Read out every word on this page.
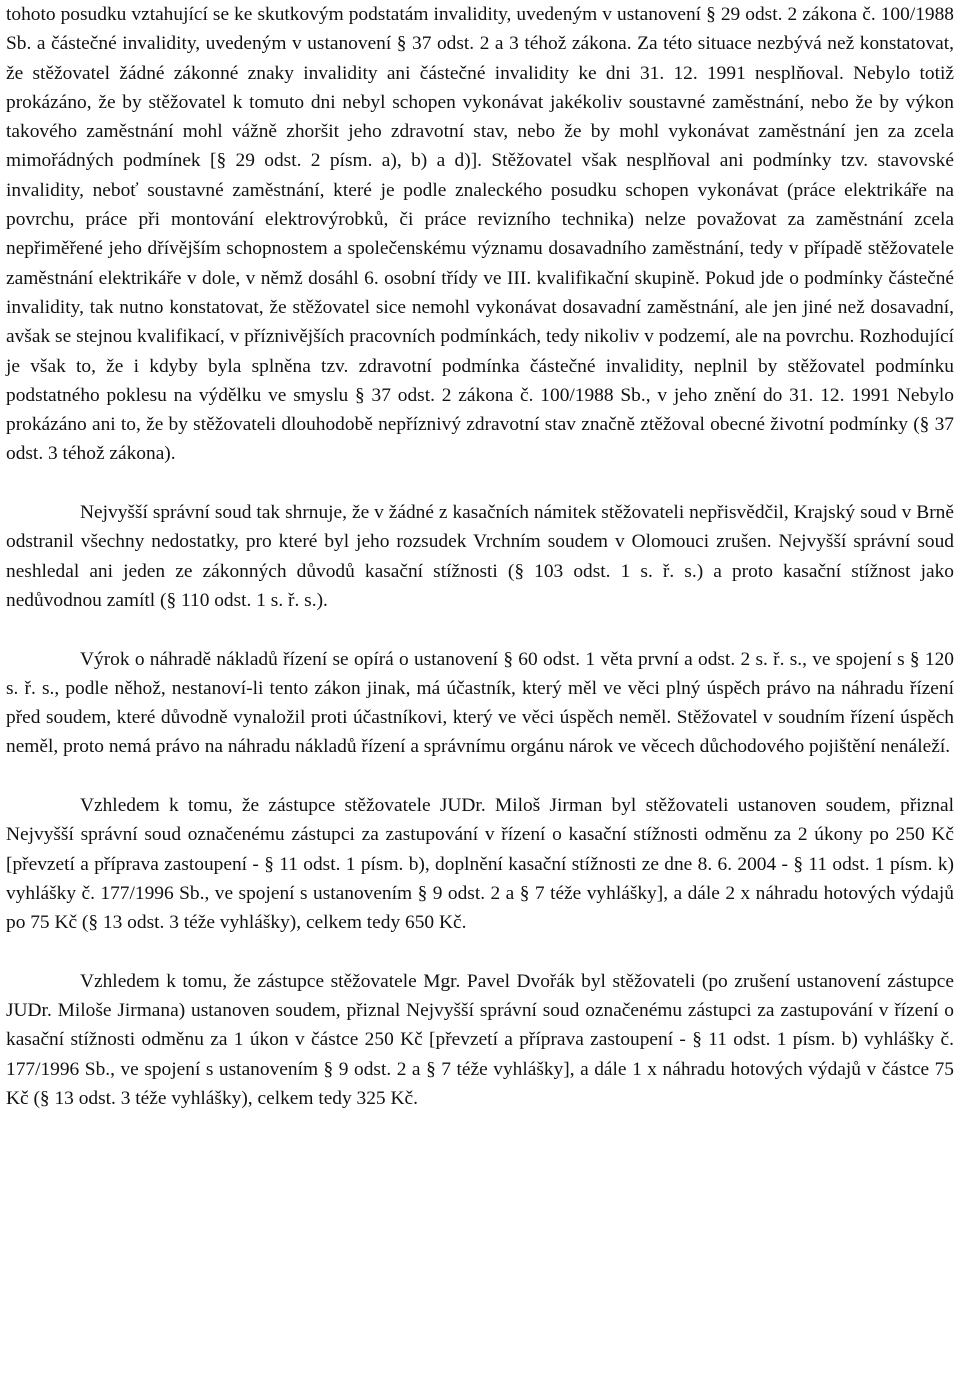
tohoto posudku vztahující se ke skutkovým podstatám invalidity, uvedeným v ustanovení § 29 odst. 2 zákona č. 100/1988 Sb. a částečné invalidity, uvedeným v ustanovení § 37 odst. 2 a 3 téhož zákona. Za této situace nezbývá než konstatovat, že stěžovatel žádné zákonné znaky invalidity ani částečné invalidity ke dni 31. 12. 1991 nesplňoval. Nebylo totiž prokázáno, že by stěžovatel k tomuto dni nebyl schopen vykonávat jakékoliv soustavné zaměstnání, nebo že by výkon takového zaměstnání mohl vážně zhoršit jeho zdravotní stav, nebo že by mohl vykonávat zaměstnání jen za zcela mimořádných podmínek [§ 29 odst. 2 písm. a), b) a d)]. Stěžovatel však nesplňoval ani podmínky tzv. stavovské invalidity, neboť soustavné zaměstnání, které je podle znaleckého posudku schopen vykonávat (práce elektrikáře na povrchu, práce při montování elektrovýrobků, či práce revizního technika) nelze považovat za zaměstnání zcela nepřiměřené jeho dřívějším schopnostem a společenskému významu dosavadního zaměstnání, tedy v případě stěžovatele zaměstnání elektrikáře v dole, v němž dosáhl 6. osobní třídy ve III. kvalifikační skupině. Pokud jde o podmínky částečné invalidity, tak nutno konstatovat, že stěžovatel sice nemohl vykonávat dosavadní zaměstnání, ale jen jiné než dosavadní, avšak se stejnou kvalifikací, v příznivějších pracovních podmínkách, tedy nikoliv v podzemí, ale na povrchu. Rozhodující je však to, že i kdyby byla splněna tzv. zdravotní podmínka částečné invalidity, neplnil by stěžovatel podmínku podstatného poklesu na výdělku ve smyslu § 37 odst. 2 zákona č. 100/1988 Sb., v jeho znění do 31. 12. 1991 Nebylo prokázáno ani to, že by stěžovateli dlouhodobě nepříznivý zdravotní stav značně ztěžoval obecné životní podmínky (§ 37 odst. 3 téhož zákona).

Nejvyšší správní soud tak shrnuje, že v žádné z kasačních námitek stěžovateli nepřisvědčil, Krajský soud v Brně odstranil všechny nedostatky, pro které byl jeho rozsudek Vrchním soudem v Olomouci zrušen. Nejvyšší správní soud neshledal ani jeden ze zákonných důvodů kasační stížnosti (§ 103 odst. 1 s. ř. s.) a proto kasační stížnost jako nedůvodnou zamítl (§ 110 odst. 1 s. ř. s.).

Výrok o náhradě nákladů řízení se opírá o ustanovení § 60 odst. 1 věta první a odst. 2 s. ř. s., ve spojení s § 120 s. ř. s., podle něhož, nestanoví-li tento zákon jinak, má účastník, který měl ve věci plný úspěch právo na náhradu řízení před soudem, které důvodně vynaložil proti účastníkovi, který ve věci úspěch neměl. Stěžovatel v soudním řízení úspěch neměl, proto nemá právo na náhradu nákladů řízení a správnímu orgánu nárok ve věcech důchodového pojištění nenáleží.

Vzhledem k tomu, že zástupce stěžovatele JUDr. Miloš Jirman byl stěžovateli ustanoven soudem, přiznal Nejvyšší správní soud označenému zástupci za zastupování v řízení o kasační stížnosti odměnu za 2 úkony po 250 Kč [převzetí a příprava zastoupení - § 11 odst. 1 písm. b), doplnění kasační stížnosti ze dne 8. 6. 2004 - § 11 odst. 1 písm. k) vyhlášky č. 177/1996 Sb., ve spojení s ustanovením § 9 odst. 2 a § 7 téže vyhlášky], a dále 2 x náhradu hotových výdajů po 75 Kč (§ 13 odst. 3 téže vyhlášky), celkem tedy 650 Kč.

Vzhledem k tomu, že zástupce stěžovatele Mgr. Pavel Dvořák byl stěžovateli (po zrušení ustanovení zástupce JUDr. Miloše Jirmana) ustanoven soudem, přiznal Nejvyšší správní soud označenému zástupci za zastupování v řízení o kasační stížnosti odměnu za 1 úkon v částce 250 Kč [převzetí a příprava zastoupení - § 11 odst. 1 písm. b) vyhlášky č. 177/1996 Sb., ve spojení s ustanovením § 9 odst. 2 a § 7 téže vyhlášky], a dále 1 x náhradu hotových výdajů v částce 75 Kč (§ 13 odst. 3 téže vyhlášky), celkem tedy 325 Kč.
